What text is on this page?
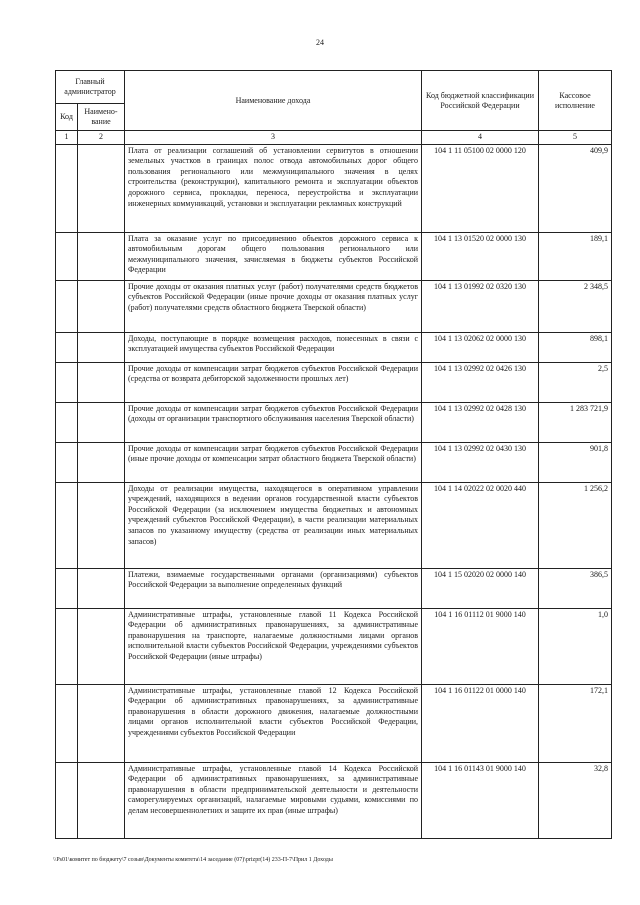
24
Главный администратор		Наименование дохода	Код бюджетной классификации Российской Федерации	Кассовое исполнение
Код	Наимено-вание			
1	2	3	4	5
		Плата от реализации соглашений об установлении сервитутов в отношении земельных участков в границах полос отвода автомобильных дорог общего пользования регионального или межмуниципального значения в целях строительства (реконструкции), капитального ремонта и эксплуатации объектов дорожного сервиса, прокладки, переноса, переустройства и эксплуатации инженерных коммуникаций, установки и эксплуатации рекламных конструкций	104 1 11 05100 02 0000 120	409,9
		Плата за оказание услуг по присоединению объектов дорожного сервиса к автомобильным дорогам общего пользования регионального или межмуниципального значения, зачисляемая в бюджеты субъектов Российской Федерации	104 1 13 01520 02 0000 130	189,1
		Прочие доходы от оказания платных услуг (работ) получателями средств бюджетов субъектов Российской Федерации (иные прочие доходы от оказания платных услуг (работ) получателями средств областного бюджета Тверской области)	104 1 13 01992 02 0320 130	2 348,5
		Доходы, поступающие в порядке возмещения расходов, понесенных в связи с эксплуатацией имущества субъектов Российской Федерации	104 1 13 02062 02 0000 130	898,1
		Прочие доходы от компенсации затрат бюджетов субъектов Российской Федерации (средства от возврата дебиторской задолженности прошлых лет)	104 1 13 02992 02 0426 130	2,5
		Прочие доходы от компенсации затрат бюджетов субъектов Российской Федерации (доходы от организации транспортного обслуживания населения Тверской области)	104 1 13 02992 02 0428 130	1 283 721,9
		Прочие доходы от компенсации затрат бюджетов субъектов Российской Федерации (иные прочие доходы от компенсации затрат областного бюджета Тверской области)	104 1 13 02992 02 0430 130	901,8
		Доходы от реализации имущества, находящегося в оперативном управлении учреждений, находящихся в ведении органов государственной власти субъектов Российской Федерации (за исключением имущества бюджетных и автономных учреждений субъектов Российской Федерации), в части реализации материальных запасов по указанному имуществу (средства от реализации иных материальных запасов)	104 1 14 02022 02 0020 440	1 256,2
		Платежи, взимаемые государственными органами (организациями) субъектов Российской Федерации за выполнение определенных функций	104 1 15 02020 02 0000 140	386,5
		Административные штрафы, установленные главой 11 Кодекса Российской Федерации об административных правонарушениях, за административные правонарушения на транспорте, налагаемые должностными лицами органов исполнительной власти субъектов Российской Федерации, учреждениями субъектов Российской Федерации (иные штрафы)	104 1 16 01112 01 9000 140	1,0
		Административные штрафы, установленные главой 12 Кодекса Российской Федерации об административных правонарушениях, за административные правонарушения в области дорожного движения, налагаемые должностными лицами органов исполнительной власти субъектов Российской Федерации, учреждениями субъектов Российской Федерации	104 1 16 01122 01 0000 140	172,1
		Административные штрафы, установленные главой 14 Кодекса Российской Федерации об административных правонарушениях, за административные правонарушения в области предпринимательской деятельности и деятельности саморегулируемых организаций, налагаемые мировыми судьями, комиссиями по делам несовершеннолетних и защите их прав (иные штрафы)	104 1 16 01143 01 9000 140	32,8
\\Ps01\комитет по бюджету\7 созыв\Документы комитета\14 заседание (07)\prizpr(14) 233-П-7\Прил 1 Доходы
